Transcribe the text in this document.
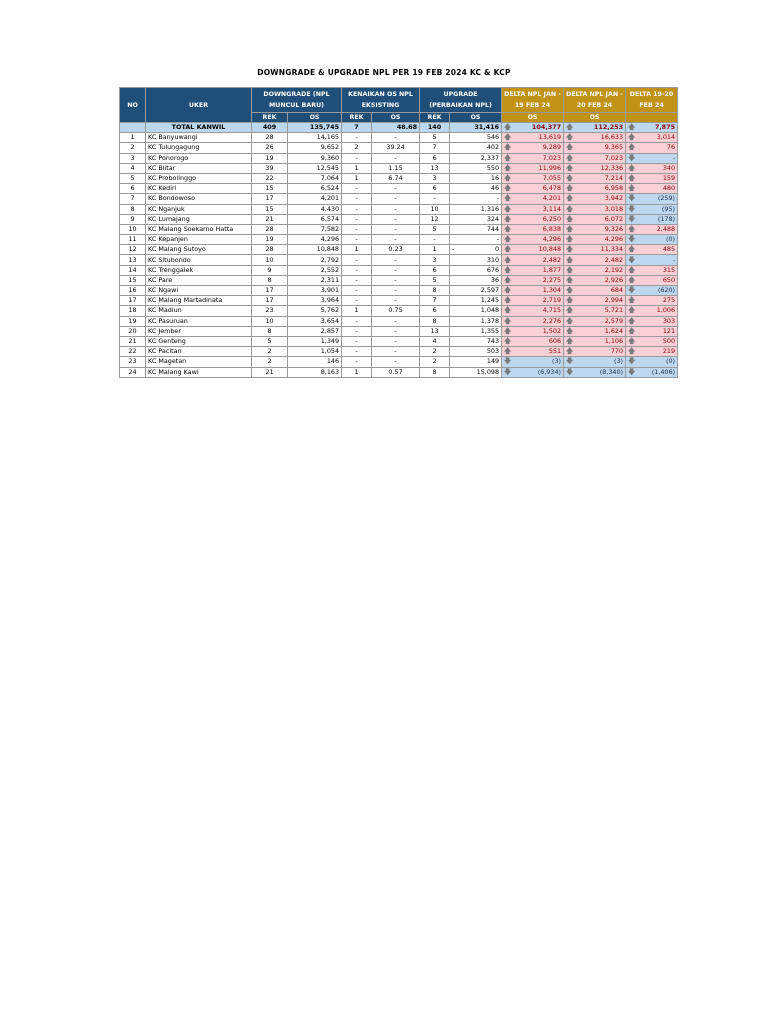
DOWNGRADE & UPGRADE NPL PER 19 FEB 2024 KC & KCP
NO	UKER	DOWNGRADE (NPL MUNCUL BARU)		KENAIKAN OS NPL EKSISTING		UPGRADE (PERBAIKAN NPL)		DELTA NPL JAN - 19 FEB 24	DELTA NPL JAN - 20 FEB 24	DELTA 19-20 FEB 24
		REK	OS	REK	OS	REK	OS	OS	OS	
	TOTAL KANWIL	409	135,745	7	48.68	140	31,416	🡅 104,377	🡅 112,253	🡅 7,875

1	KC Banyuwangi	28	14,165	-	-	5	546	🡅 13,619	🡅 16,633	🡅 3,014

2	KC Tulungagung	26	9,652	2	39.24	7	402	🡅 9,289	🡅 9,365	🡅 76

3	KC Ponorogo	19	9,360	-	-	6	2,337	🡅 7,023	🡅 7,023	🡇 -

4	KC Blitar	39	12,545	1	1.15	13	550	🡅 11,996	🡅 12,336	🡅 340

5	KC Probolinggo	22	7,064	1	6.74	3	16	🡅 7,055	🡅 7,214	🡅 159

6	KC Kediri	15	6,524	-	-	6	46	🡅 6,478	🡅 6,958	🡅 480

7	KC Bondowoso	17	4,201	-	-	-	-	🡅 4,201	🡅 3,942	🡇 (259)

8	KC Nganjuk	15	4,430	-	-	10	1,316	🡅 3,114	🡅 3,018	🡇 (95)

9	KC Lumajang	21	6,574	-	-	12	324	🡅 6,250	🡅 6,072	🡇 (178)

10	KC Malang Soekarno Hatta	28	7,582	-	-	5	744	🡅 6,838	🡅 9,326	🡅 2,488

11	KC Kepanjen	19	4,296	-	-	-	-	🡅 4,296	🡅 4,296	🡇 (0)

12	KC Malang Sutoyo	28	10,848	1	0.23	1	- 0	🡅 10,848	🡅 11,334	🡅 485

13	KC Situbondo	10	2,792	-	-	3	310	🡅 2,482	🡅 2,482	🡇 -

14	KC Trenggalek	9	2,552	-	-	6	676	🡅 1,877	🡅 2,192	🡅 315

15	KC Pare	8	2,311	-	-	5	36	🡅 2,275	🡅 2,926	🡅 650

16	KC Ngawi	17	3,901	-	-	8	2,597	🡅 1,304	🡅 684	🡇 (620)

17	KC Malang Martadinata	17	3,964	-	-	7	1,245	🡅 2,719	🡅 2,994	🡅 275

18	KC Madiun	23	5,762	1	0.75	6	1,048	🡅 4,715	🡅 5,721	🡅 1,006

19	KC Pasuruan	10	3,654	-	-	8	1,378	🡅 2,276	🡅 2,579	🡅 303

20	KC Jember	8	2,857	-	-	13	1,355	🡅 1,502	🡅 1,624	🡅 121

21	KC Genteng	5	1,349	-	-	4	743	🡅 606	🡅 1,106	🡅 500

22	KC Pacitan	2	1,054	-	-	2	503	🡅 551	🡅 770	🡅 219

23	KC Magetan	2	146	-	-	2	149	🡇 (3)	🡇 (3)	🡇 (0)

24	KC Malang Kawi	21	8,163	1	0.57	8	15,098	🡇 (6,934)	🡇 (8,340)	🡇 (1,406)
